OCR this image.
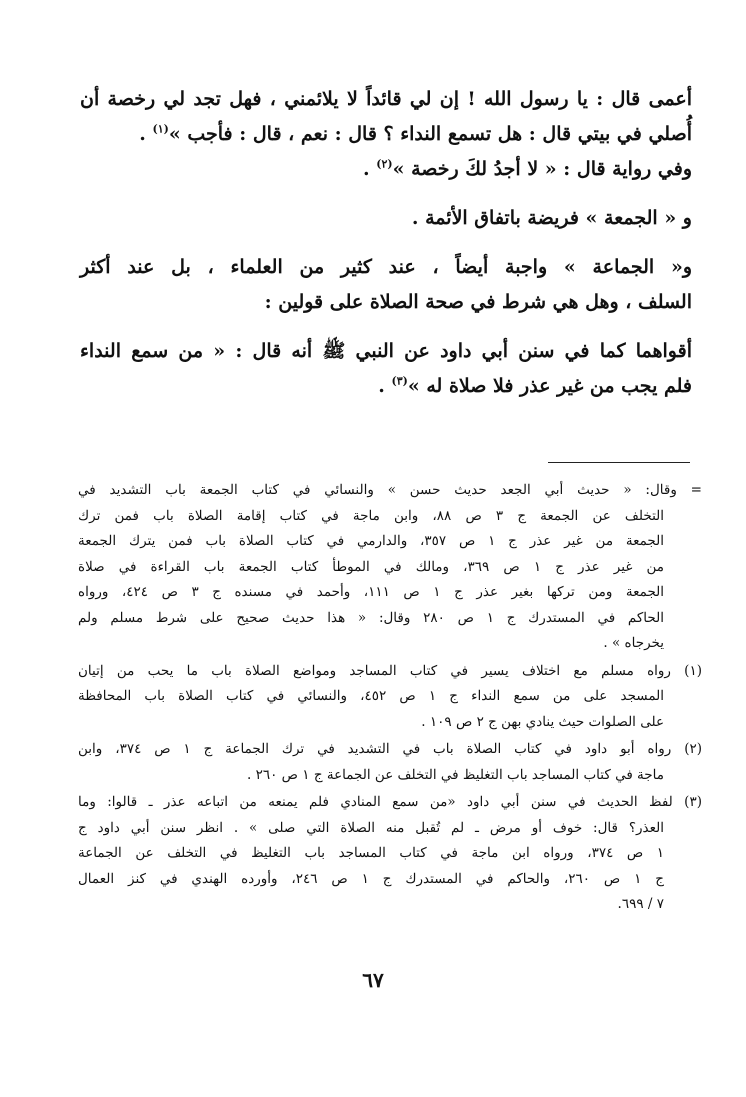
أعمى قال : يا رسول الله ! إن لي قائداً لا يلائمني ، فهل تجد لي رخصة أن
أُصلي في بيتي قال : هل تسمع النداء ؟ قال : نعم ، قال : فأجب »$^{(١)}$ .
وفي رواية قال : « لا أجدُ لكَ رخصة »$^{(٢)}$ .
و « الجمعة » فريضة باتفاق الأئمة .
و« الجماعة » واجبة أيضاً ، عند كثير من العلماء ، بل عند أكثر
السلف ، وهل هي شرط في صحة الصلاة على قولين :
أقواهما كما في سنن أبي داود عن النبي ﷺ أنه قال : « من سمع النداء
فلم يجب من غير عذر فلا صلاة له »$^{(٣)}$ .
= وقال: « حديث أبي الجعد حديث حسن » والنسائي في كتاب الجمعة باب التشديد في
التخلف عن الجمعة ج ٣ ص ٨٨، وابن ماجة في كتاب إقامة الصلاة باب فمن ترك
الجمعة من غير عذر ج ١ ص ٣٥٧، والدارمي في كتاب الصلاة باب فمن يترك الجمعة
من غير عذر ج ١ ص ٣٦٩، ومالك في الموطأ كتاب الجمعة باب القراءة في صلاة
الجمعة ومن تركها بغير عذر ج ١ ص ١١١، وأحمد في مسنده ج ٣ ص ٤٢٤، ورواه
الحاكم في المستدرك ج ١ ص ٢٨٠ وقال: « هذا حديث صحيح على شرط مسلم ولم
يخرجاه » .
(١) رواه مسلم مع اختلاف يسير في كتاب المساجد ومواضع الصلاة باب ما يحب من إتيان
المسجد على من سمع النداء ج ١ ص ٤٥٢، والنسائي في كتاب الصلاة باب المحافظة
على الصلوات حيث ينادي بهن ج ٢ ص ١٠٩ .
(٢) رواه أبو داود في كتاب الصلاة باب في التشديد في ترك الجماعة ج ١ ص ٣٧٤، وابن
ماجة في كتاب المساجد باب التغليظ في التخلف عن الجماعة ج ١ ص ٢٦٠ .
(٣) لفظ الحديث في سنن أبي داود «من سمع المنادي فلم يمنعه من اتباعه عذر ـ قالوا: وما
العذر؟ قال: خوف أو مرض ـ لم تُقبل منه الصلاة التي صلى » . انظر سنن أبي داود ج
١ ص ٣٧٤، ورواه ابن ماجة في كتاب المساجد باب التغليظ في التخلف عن الجماعة
ج ١ ص ٢٦٠، والحاكم في المستدرك ج ١ ص ٢٤٦، وأورده الهندي في كنز العمال
٧ / ٦٩٩.
٦٧
